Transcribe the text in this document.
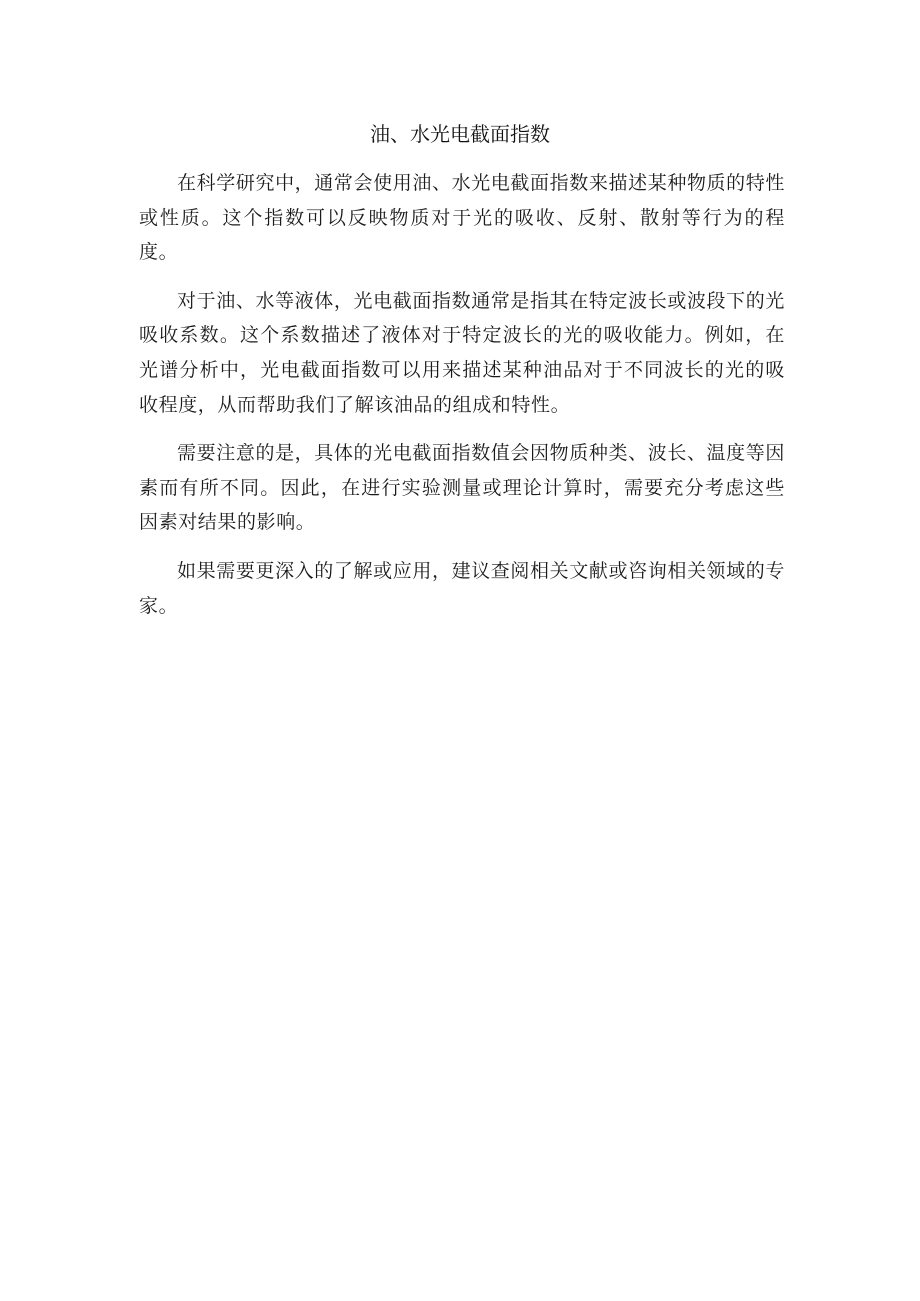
油、水光电截面指数

在科学研究中，通常会使用油、水光电截面指数来描述某种物质的特性或性质。这个指数可以反映物质对于光的吸收、反射、散射等行为的程度。

对于油、水等液体，光电截面指数通常是指其在特定波长或波段下的光吸收系数。这个系数描述了液体对于特定波长的光的吸收能力。例如，在光谱分析中，光电截面指数可以用来描述某种油品对于不同波长的光的吸收程度，从而帮助我们了解该油品的组成和特性。

需要注意的是，具体的光电截面指数值会因物质种类、波长、温度等因素而有所不同。因此，在进行实验测量或理论计算时，需要充分考虑这些因素对结果的影响。

如果需要更深入的了解或应用，建议查阅相关文献或咨询相关领域的专家。
